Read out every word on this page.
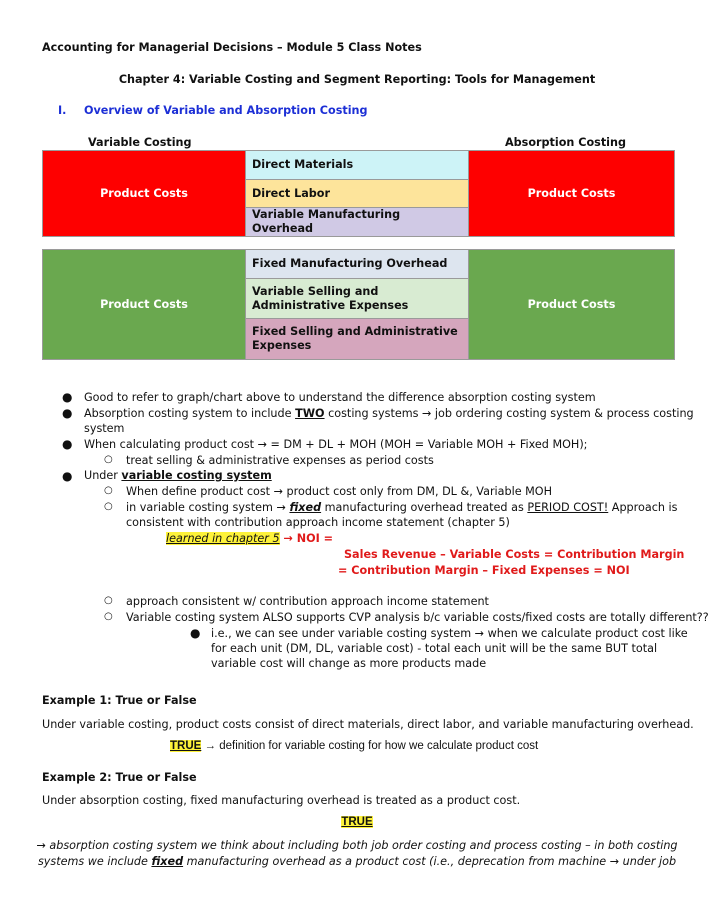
Accounting for Managerial Decisions – Module 5 Class Notes
Chapter 4: Variable Costing and Segment Reporting: Tools for Management
I. Overview of Variable and Absorption Costing
Variable Costing	Absorption Costing
Product Costs	Direct Materials	Product Costs
Direct Labor
Variable Manufacturing Overhead
Product Costs	Fixed Manufacturing Overhead	Product Costs
Variable Selling and Administrative Expenses
Fixed Selling and Administrative Expenses
● Good to refer to graph/chart above to understand the difference absorption costing system
● Absorption costing system to include TWO costing systems → job ordering costing system & process costing
system
● When calculating product cost → = DM + DL + MOH (MOH = Variable MOH + Fixed MOH);
○ treat selling & administrative expenses as period costs
● Under variable costing system
○ When define product cost → product cost only from DM, DL &, Variable MOH
○ in variable costing system → fixed manufacturing overhead treated as PERIOD COST! Approach is
consistent with contribution approach income statement (chapter 5)
learned in chapter 5 → NOI =
Sales Revenue – Variable Costs = Contribution Margin
= Contribution Margin – Fixed Expenses = NOI
○ approach consistent w/ contribution approach income statement
○ Variable costing system ALSO supports CVP analysis b/c variable costs/fixed costs are totally different??
● i.e., we can see under variable costing system → when we calculate product cost like
for each unit (DM, DL, variable cost) - total each unit will be the same BUT total
variable cost will change as more products made
Example 1: True or False
Under variable costing, product costs consist of direct materials, direct labor, and variable manufacturing overhead.
TRUE → definition for variable costing for how we calculate product cost
Example 2: True or False
Under absorption costing, fixed manufacturing overhead is treated as a product cost.
TRUE
→ absorption costing system we think about including both job order costing and process costing – in both costing
systems we include fixed manufacturing overhead as a product cost (i.e., deprecation from machine → under job
